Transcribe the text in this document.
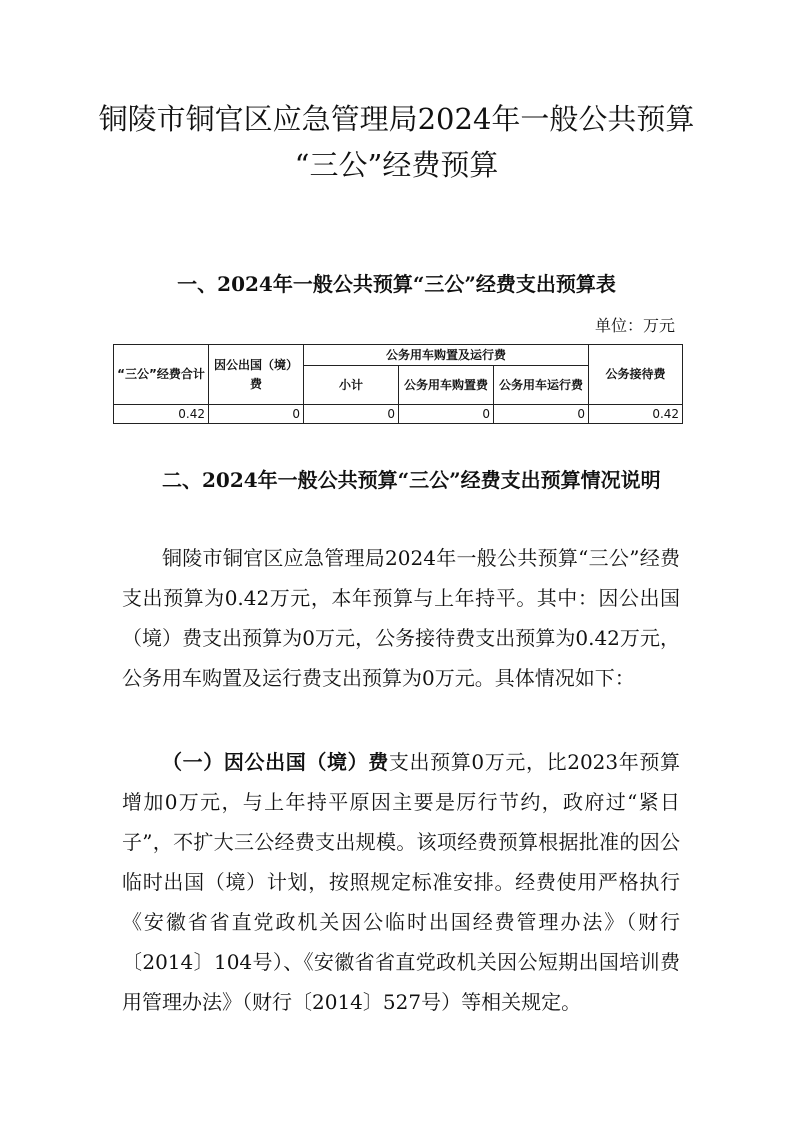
铜陵市铜官区应急管理局2024年一般公共预算
“三公”经费预算
一、2024年一般公共预算“三公”经费支出预算表
单位：万元
“三公”经费合计	因公出国（境）费	公务用车购置及运行费			公务接待费
		小计	公务用车购置费	公务用车运行费	
0.42	0	0	0	0	0.42
二、2024年一般公共预算“三公”经费支出预算情况说明
铜陵市铜官区应急管理局2024年一般公共预算“三公”经费支出预算为0.42万元，本年预算与上年持平。其中：因公出国（境）费支出预算为0万元，公务接待费支出预算为0.42万元，公务用车购置及运行费支出预算为0万元。具体情况如下：
（一）因公出国（境）费支出预算0万元，比2023年预算增加0万元，与上年持平原因主要是厉行节约，政府过“紧日子”，不扩大三公经费支出规模。该项经费预算根据批准的因公临时出国（境）计划，按照规定标准安排。经费使用严格执行《安徽省省直党政机关因公临时出国经费管理办法》（财行〔2014〕104号）、《安徽省省直党政机关因公短期出国培训费用管理办法》（财行〔2014〕527号）等相关规定。
